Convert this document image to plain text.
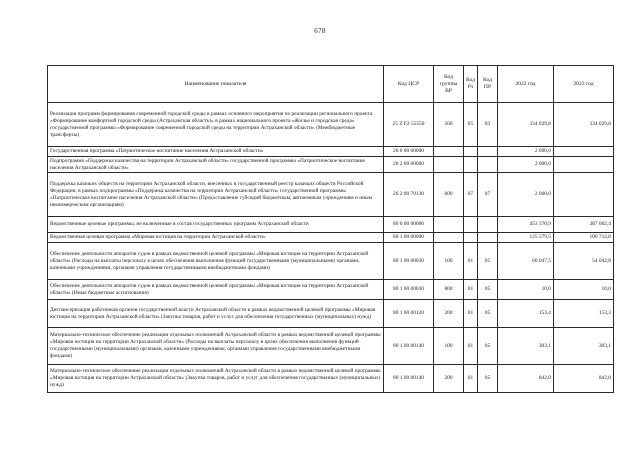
678
Наименование показателя	Код ЦСР	Код группы ВР	Код Рз	Код ПР	2022 год	2023 год
Реализация программ формирования современной городской среды в рамках основного мероприятия по реализации регионального проекта «Формирование комфортной городской среды (Астраханская область)» в рамках национального проекта «Жилье и городская среда» государственной программы «Формирование современной городской среды на территории Астраханской области» (Межбюджетные трансферты)	25 Z F2 55550	500	05	03	334 029,8	334 029,8
Государственная программа «Патриотическое воспитание населения Астраханской области»	26 0 00 00000				2 000,0	
Подпрограмма «Поддержка казачества на территории Астраханской области» государственной программы «Патриотическое воспитание населения Астраханской области»	26 2 00 00000				2 000,0	
Поддержка казачьих обществ на территории Астраханской области, внесенных в государственный реестр казачьих обществ Российской Федерации, в рамках подпрограммы «Поддержка казачества на территории Астраханской области» государственной программы «Патриотическое воспитание населения Астраханской области» (Предоставление субсидий бюджетным, автономным учреждениям и иным некоммерческим организациям)	26 2 00 70130	600	07	07	2 000,0	
Ведомственные целевые программы, не включенные в состав государственных программ Астраханской области	80 0 00 00000				453 370,9	387 002,4
Ведомственная целевая программа «Мировая юстиция на территории Астраханской области»	80 1 00 00000				125 579,5	100 712,8
Обеспечение деятельности аппаратов судов в рамках ведомственной целевой программы «Мировая юстиция на территории Астраханской области» (Расходы на выплаты персоналу в целях обеспечения выполнения функций государственными (муниципальными) органами, казенными учреждениями, органами управления государственными внебюджетными фондами)	80 1 00 00030	100	01	05	60 047,5	54 042,8
Обеспечение деятельности аппаратов судов в рамках ведомственной целевой программы «Мировая юстиция на территории Астраханской области» (Иные бюджетные ассигнования)	80 1 00 00030	800	01	05	10,0	10,0
Диспансеризация работников органов государственной власти Астраханской области в рамках ведомственной целевой программы «Мировая юстиция на территории Астраханской области» (Закупка товаров, работ и услуг для обеспечения государственных (муниципальных) нужд)	80 1 00 00120	200	01	05	153,4	153,3
Материально-техническое обеспечение реализации отдельных полномочий Астраханской области в рамках ведомственной целевой программы «Мировая юстиция на территории Астраханской области» (Расходы на выплаты персоналу в целях обеспечения выполнения функций государственными (муниципальными) органами, казенными учреждениями, органами управления государственными внебюджетными фондами)	80 1 00 00140	100	01	05	303,1	303,1
Материально-техническое обеспечение реализации отдельных полномочий Астраханской области в рамках ведомственной целевой программы «Мировая юстиция на территории Астраханской области» (Закупка товаров, работ и услуг для обеспечения государственных (муниципальных) нужд)	80 1 00 00140	200	01	05	842,0	842,0
